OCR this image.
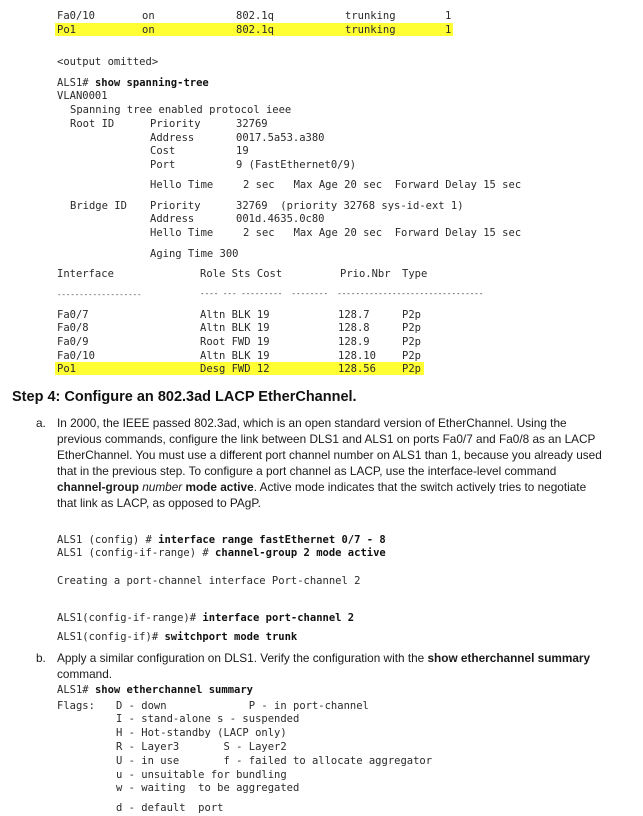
Fa0/10	on	802.1q	trunking	1
Po1	on	802.1q	trunking	1
<output omitted>
ALS1# show spanning-tree
VLAN0001
Spanning tree enabled protocol ieee
Root ID	Priority	32769
Address	0017.5a53.a380
Cost	19
Port	9 (FastEthernet0/9)
Hello Time	2 sec   Max Age 20 sec  Forward Delay 15 sec
Bridge ID Priority	32769  (priority 32768 sys-id-ext 1)
Address	001d.4635.0c80
Hello Time	2 sec   Max Age 20 sec  Forward Delay 15 sec
Aging Time 300
Interface	Role Sts Cost	Prio.Nbr Type
-------------------	---- --- ---------  --------  --------------------------------
Fa0/7	Altn BLK 19	128.7	P2p
Fa0/8	Altn BLK 19	128.8	P2p
Fa0/9	Root FWD 19	128.9	P2p
Fa0/10	Altn BLK 19	128.10 P2p
Po1	Desg FWD 12	128.56 P2p
Step 4: Configure an 802.3ad LACP EtherChannel.
a. In 2000, the IEEE passed 802.3ad, which is an open standard version of EtherChannel. Using the
previous commands, configure the link between DLS1 and ALS1 on ports Fa0/7 and Fa0/8 as an LACP
EtherChannel. You must use a different port channel number on ALS1 than 1, because you already used
that in the previous step. To configure a port channel as LACP, use the interface-level command
channel-group number mode active. Active mode indicates that the switch actively tries to negotiate
that link as LACP, as opposed to PAgP.
ALS1 (config) # interface range fastEthernet 0/7 - 8
ALS1 (config-if-range) # channel-group 2 mode active
Creating a port-channel interface Port-channel 2
ALS1(config-if-range)# interface port-channel 2
ALS1(config-if)# switchport mode trunk
b. Apply a similar configuration on DLS1. Verify the configuration with the show etherchannel summary
command.
ALS1# show etherchannel summary
Flags: D - down             P - in port-channel
I - stand-alone s - suspended
H - Hot-standby (LACP only)
R - Layer3       S - Layer2
U - in use       f - failed to allocate aggregator
u - unsuitable for bundling
w - waiting  to be aggregated
d - default  port
